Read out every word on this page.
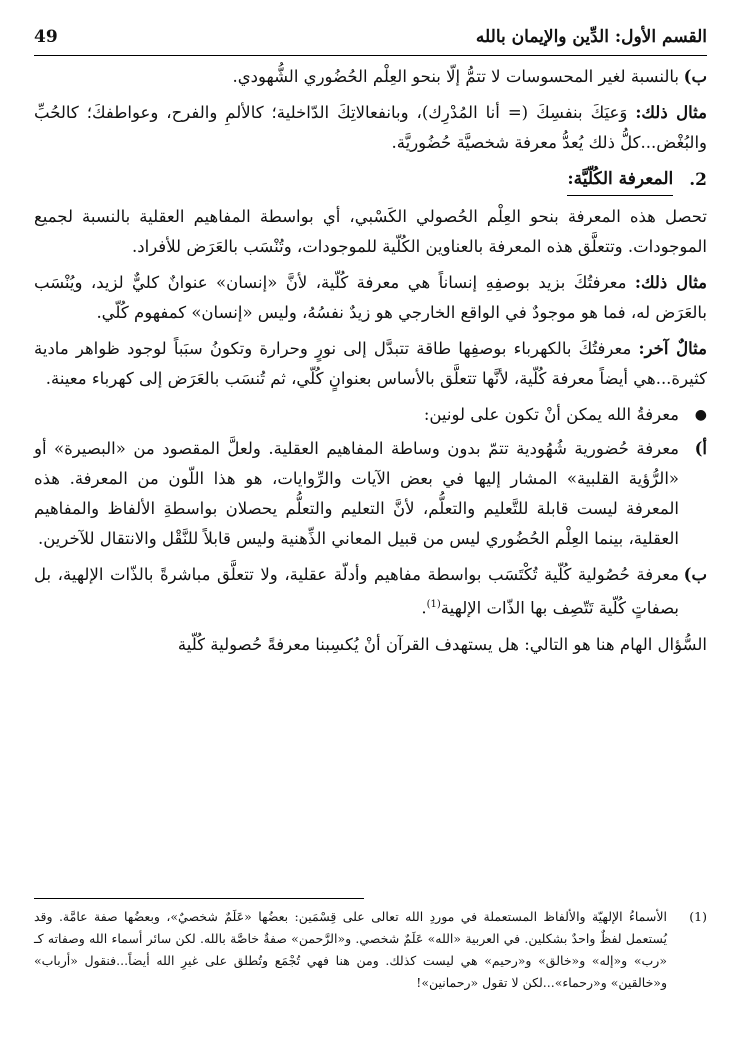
القسم الأول: الدِّين والإيمان بالله
49
ب)
بالنسبة لغير المحسوسات لا تتمُّ إلّا بنحو العِلْم الحُضُوري الشُّهودي.

مثال ذلك: وَعيَكَ بنفسِكَ (= أنا المُدْرِك)، وبانفعالاتِكَ الدّاخلية؛ كالألمِ والفرح، وعواطفكَ؛ كالحُبِّ والبُغْض...كلُّ ذلك يُعدُّ معرفة شخصيَّة حُضُوريَّة.

2.
المعرفة الكُلّيَّة:

تحصل هذه المعرفة بنحو العِلْم الحُصولي الكَسْبي، أي بواسطة المفاهيم العقلية بالنسبة لجميع الموجودات. وتتعلَّق هذه المعرفة بالعناوين الكُلّية للموجودات، وتُنْسَب بالعَرَض للأفراد.

مثال ذلك: معرفتُكَ بزيد بوصفِهِ إنساناً هي معرفة كُلّية، لأنَّ «إنسان» عنوانٌ كليٌّ لزيد، ويُنْسَب بالعَرَض له، فما هو موجودٌ في الواقع الخارجي هو زيدٌ نفسُهُ، وليس «إنسان» كمفهوم كُلّي.

مثالٌ آخر: معرفتُكَ بالكهرباء بوصفِها طاقة تتبدَّل إلى نورٍ وحرارة وتكونُ سبَباً لوجود ظواهر مادية كثيرة...هي أيضاً معرفة كُلّية، لأنَّها تتعلَّق بالأساس بعنوانٍ كُلّي، ثم تُنسَب بالعَرَض إلى كهرباء معينة.

●
معرفةُ الله يمكن أنْ تكون على لونين:
أ)
معرفة حُضورية شُهُودية تتمّ بدون وساطة المفاهيم العقلية. ولعلَّ المقصود من «البصيرة» أو «الرُّؤية القلبية» المشار إليها في بعض الآيات والرِّوايات، هو هذا اللّون من المعرفة. هذه المعرفة ليست قابلة للتَّعليم والتعلُّم، لأنَّ التعليم والتعلُّم يحصلان بواسطةِ الألفاظ والمفاهيم العقلية، بينما العِلْم الحُضُوري ليس من قبيل المعاني الذِّهنية وليس قابلاً للنَّقْل والانتقال للآخرين.
ب)
معرفة حُصُولية كُلّية تُكْتَسَب بواسطة مفاهيم وأدلّة عقلية، ولا تتعلَّق مباشرةً بالذّات الإلهية، بل بصفاتٍ كُلّية تَتّصِف بها الذّات الإلهية(1).

السُّؤال الهام هنا هو التالي: هل يستهدف القرآن أنْ يُكسِبنا معرفةً حُصولية كُلّية

(1)
الأسماءُ الإلهيّة والألفاظ المستعملة في موردِ الله تعالى على قِسْمَين: بعضُها «عَلَمٌ شخصيٌ»، وبعضُها صفة عامَّة. وقد يُستعمل لفظٌ واحدٌ بشكلين. في العربية «الله» عَلَمٌ شخصي. و«الرَّحمن» صفةٌ خاصَّة بالله. لكن سائر أسماء الله وصفاته كـ «رب» و«إله» و«خالق» و«رحيم» هي ليست كذلك. ومن هنا فهي تُجْمَع وتُطلق على غيرِ الله أيضاً...فنقول «أرباب» و«خالقين» و«رحماء»...لكن لا تقول «رحمانين»!
